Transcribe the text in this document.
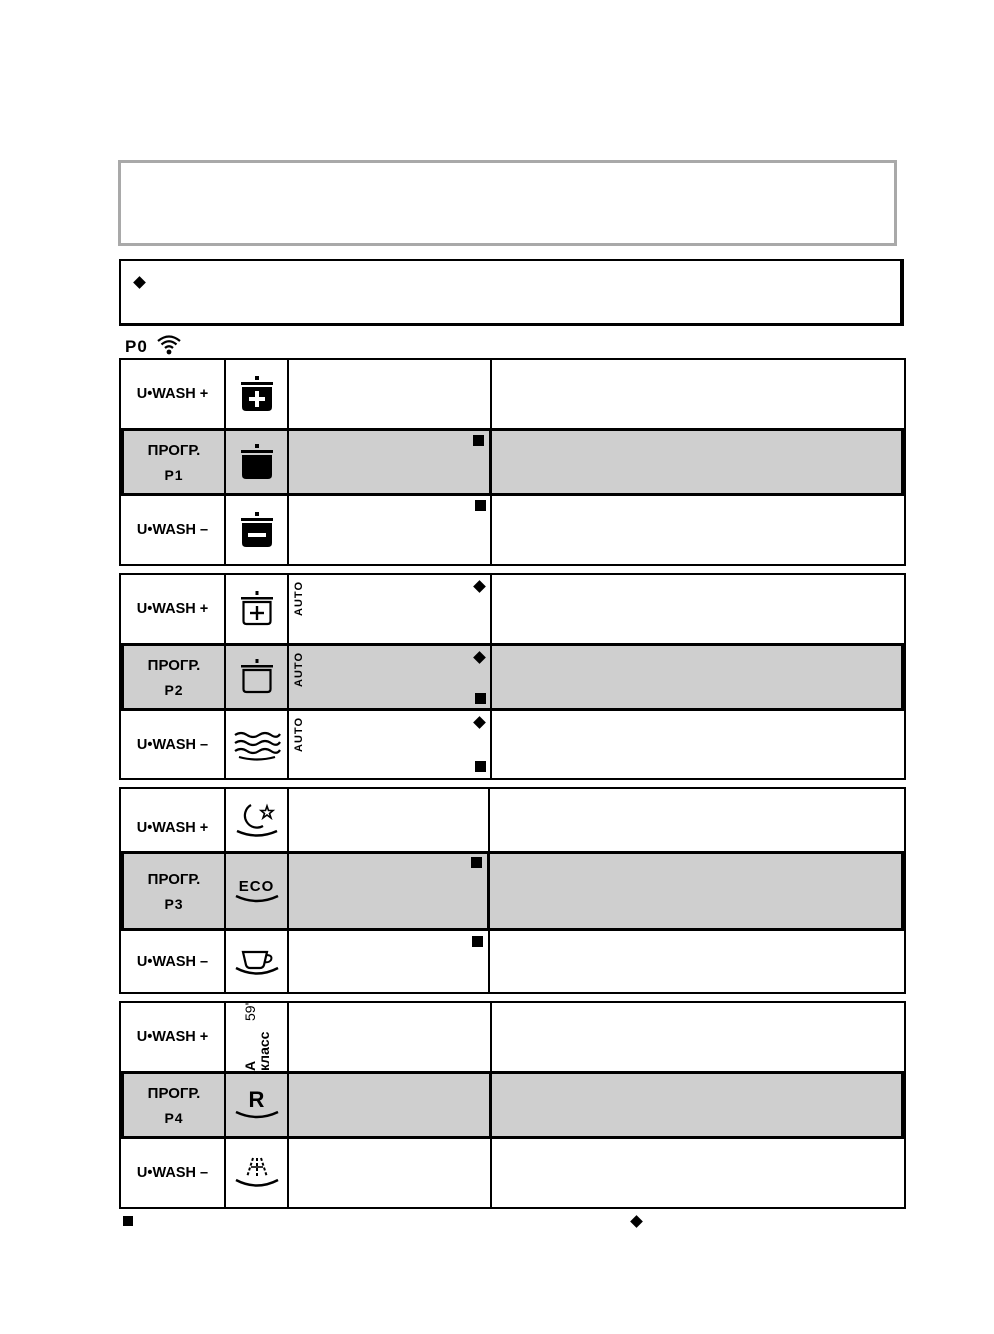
P0
U•WASH +
ПРОГР.
P1
U•WASH –
U•WASH +	AUTO
ПРОГР.
P2
AUTO
U•WASH –	AUTO
U•WASH +
ПРОГР.
P3
ECO
U•WASH –
U•WASH +
A класс
59'
ПРОГР.
P4
R
U•WASH –
